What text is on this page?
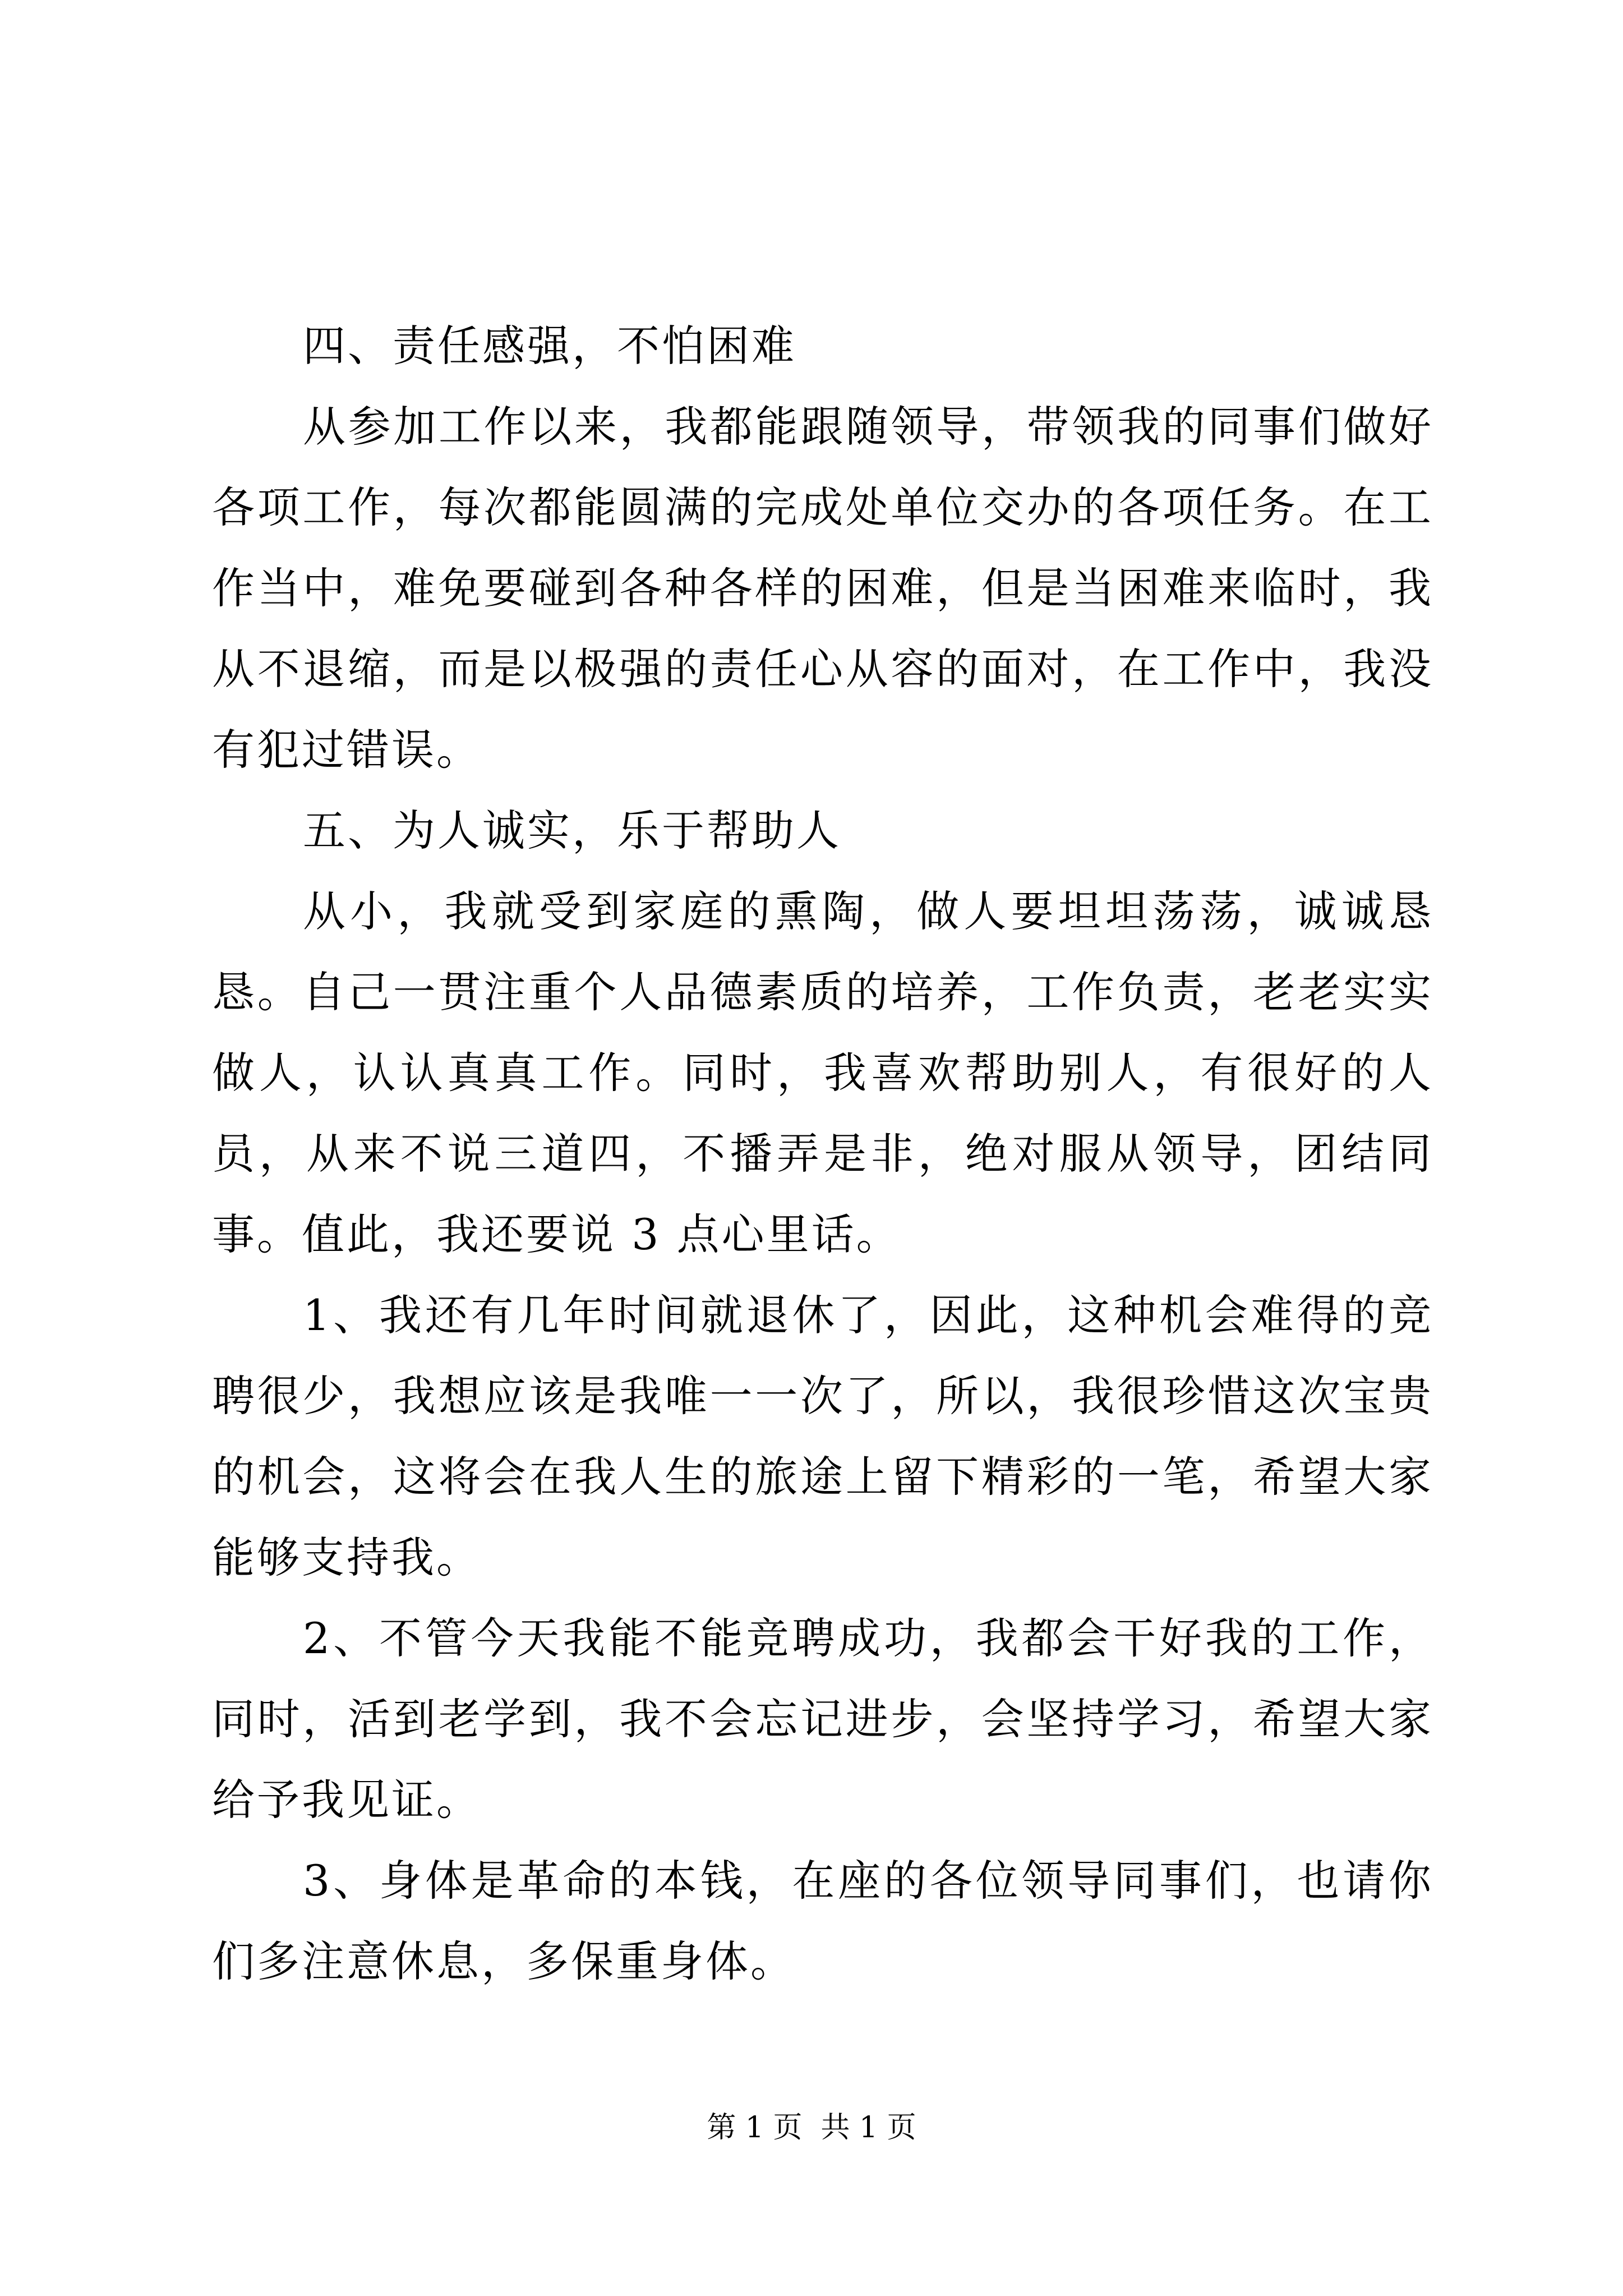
四、责任感强，不怕困难

从参加工作以来，我都能跟随领导，带领我的同事们做好各项工作，每次都能圆满的完成处单位交办的各项任务。在工作当中，难免要碰到各种各样的困难，但是当困难来临时，我从不退缩，而是以极强的责任心从容的面对，在工作中，我没有犯过错误。

五、为人诚实，乐于帮助人

从小，我就受到家庭的熏陶，做人要坦坦荡荡，诚诚恳恳。自己一贯注重个人品德素质的培养，工作负责，老老实实做人，认认真真工作。同时，我喜欢帮助别人，有很好的人员，从来不说三道四，不播弄是非，绝对服从领导，团结同事。值此，我还要说 3 点心里话。

1、我还有几年时间就退休了，因此，这种机会难得的竞聘很少，我想应该是我唯一一次了，所以，我很珍惜这次宝贵的机会，这将会在我人生的旅途上留下精彩的一笔，希望大家能够支持我。

2、不管今天我能不能竞聘成功，我都会干好我的工作，同时，活到老学到，我不会忘记进步，会坚持学习，希望大家给予我见证。

3、身体是革命的本钱，在座的各位领导同事们，也请你们多注意休息，多保重身体。

第 1 页  共 1 页
